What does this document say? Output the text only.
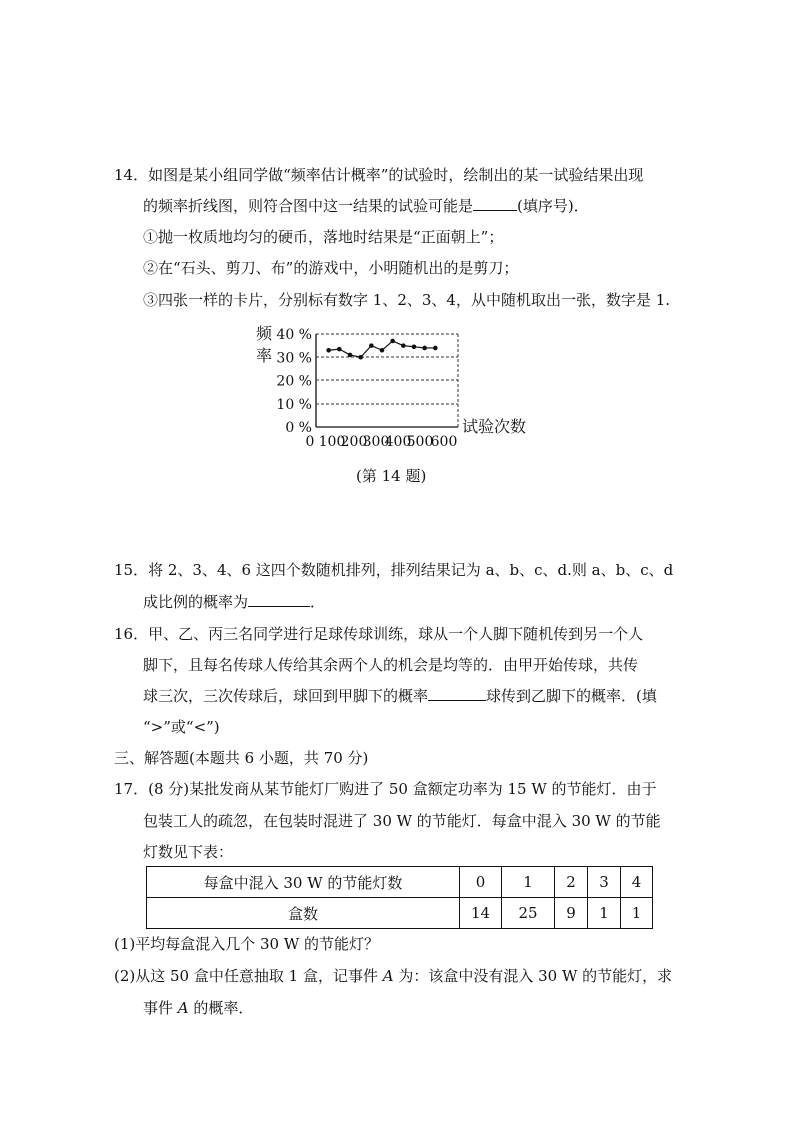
14．如图是某小组同学做“频率估计概率”的试验时，绘制出的某一试验结果出现
的频率折线图，则符合图中这一结果的试验可能是	(填序号)．
①抛一枚质地均匀的硬币，落地时结果是“正面朝上”；
②在“石头、剪刀、布”的游戏中，小明随机出的是剪刀；
③四张一样的卡片，分别标有数字 1、2、3、4，从中随机取出一张，数字是 1.
频
率
0 %
10 %
20 %
30 %
40 %
试验次数
0 100
200
300
400
500
600
(第 14 题)
15．将 2、3、4、6 这四个数随机排列，排列结果记为 a、b、c、d.则 a、b、c、d
成比例的概率为	．
16．甲、乙、丙三名同学进行足球传球训练，球从一个人脚下随机传到另一个人
脚下，且每名传球人传给其余两个人的机会是均等的．由甲开始传球，共传
球三次，三次传球后，球回到甲脚下的概率	球传到乙脚下的概率．(填
“>”或“<”)
三、解答题(本题共 6 小题，共 70 分)
17．(8 分)某批发商从某节能灯厂购进了 50 盒额定功率为 15 W 的节能灯．由于
包装工人的疏忽，在包装时混进了 30 W 的节能灯．每盒中混入 30 W 的节能
灯数见下表：
每盒中混入 30 W 的节能灯数	0	1	2	3	4
盒数	14	25	9	1	1
(1)平均每盒混入几个 30 W 的节能灯？
(2)从这 50 盒中任意抽取 1 盒，记事件 A 为：该盒中没有混入 30 W 的节能灯，求
事件 A 的概率．
